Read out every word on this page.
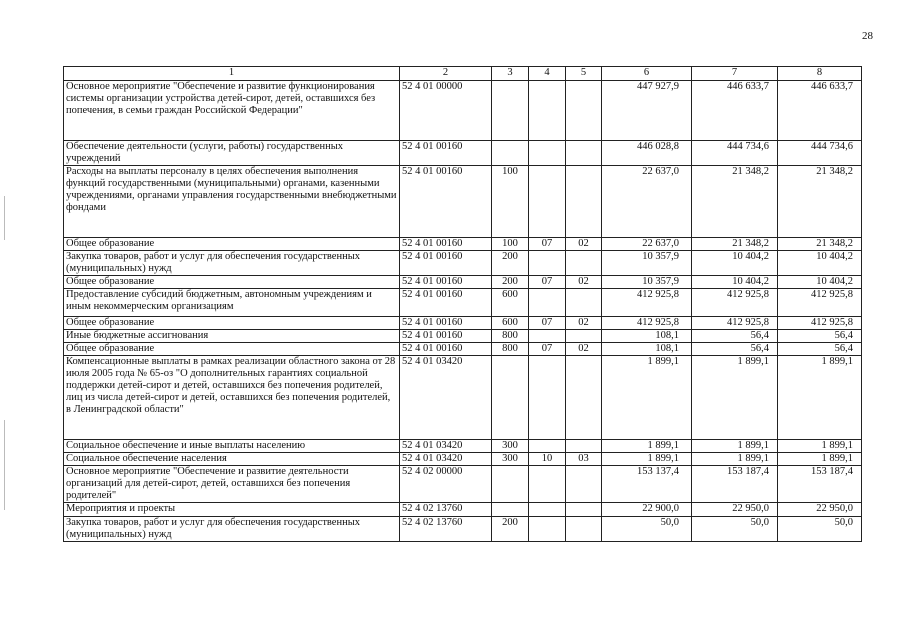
28
1	2	3	4	5	6	7	8
Основное мероприятие "Обеспечение и развитие функционирования системы организации устройства детей-сирот, детей, оставшихся без попечения, в семьи граждан Российской Федерации"	52 4 01 00000				447 927,9	446 633,7	446 633,7
Обеспечение деятельности (услуги, работы) государственных учреждений	52 4 01 00160				446 028,8	444 734,6	444 734,6
Расходы на выплаты персоналу в целях обеспечения выполнения функций государственными (муниципальными) органами, казенными учреждениями, органами управления государственными внебюджетными фондами	52 4 01 00160	100			22 637,0	21 348,2	21 348,2
Общее образование	52 4 01 00160	100	07	02	22 637,0	21 348,2	21 348,2
Закупка товаров, работ и услуг для обеспечения государственных (муниципальных) нужд	52 4 01 00160	200			10 357,9	10 404,2	10 404,2
Общее образование	52 4 01 00160	200	07	02	10 357,9	10 404,2	10 404,2
Предоставление субсидий бюджетным, автономным учреждениям и иным некоммерческим организациям	52 4 01 00160	600			412 925,8	412 925,8	412 925,8
Общее образование	52 4 01 00160	600	07	02	412 925,8	412 925,8	412 925,8
Иные бюджетные ассигнования	52 4 01 00160	800			108,1	56,4	56,4
Общее образование	52 4 01 00160	800	07	02	108,1	56,4	56,4
Компенсационные выплаты в рамках реализации областного закона от 28 июля 2005 года № 65-оз "О дополнительных гарантиях социальной поддержки детей-сирот и детей, оставшихся без попечения родителей, лиц из числа детей-сирот и детей, оставшихся без попечения родителей, в Ленинградской области"	52 4 01 03420				1 899,1	1 899,1	1 899,1
Социальное обеспечение и иные выплаты населению	52 4 01 03420	300			1 899,1	1 899,1	1 899,1
Социальное обеспечение населения	52 4 01 03420	300	10	03	1 899,1	1 899,1	1 899,1
Основное мероприятие "Обеспечение и развитие деятельности организаций для детей-сирот, детей, оставшихся без попечения родителей"	52 4 02 00000				153 137,4	153 187,4	153 187,4
Мероприятия и проекты	52 4 02 13760				22 900,0	22 950,0	22 950,0
Закупка товаров, работ и услуг для обеспечения государственных (муниципальных) нужд	52 4 02 13760	200			50,0	50,0	50,0
